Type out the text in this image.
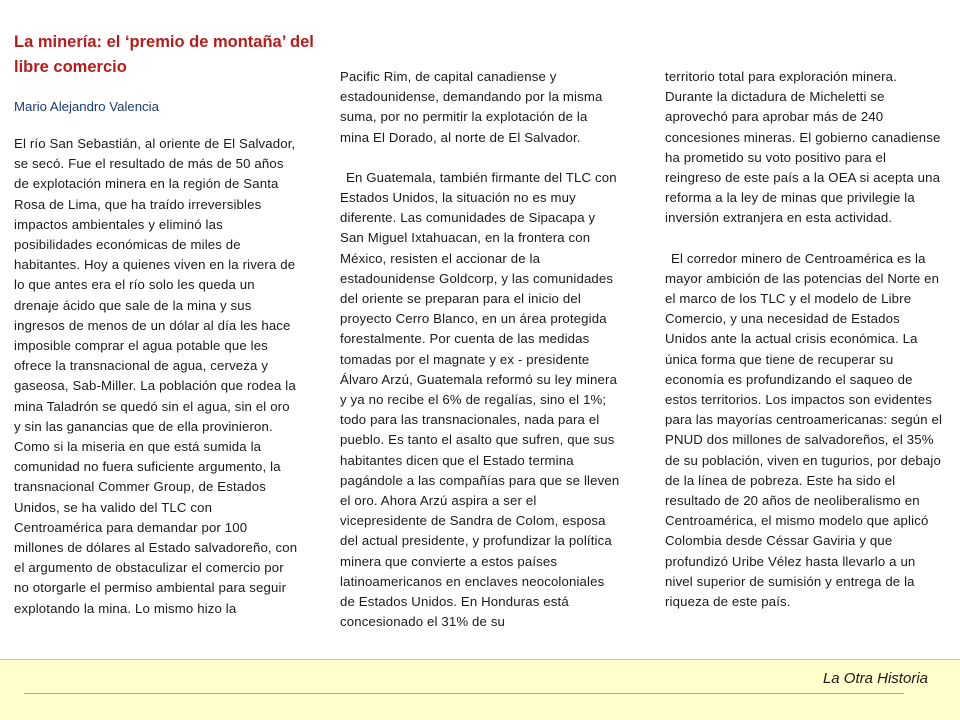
La minería: el ‘premio de montaña’ del libre comercio
Mario Alejandro Valencia

El río San Sebastián, al oriente de El Salvador, se secó. Fue el resultado de más de 50 años de explotación minera en la región de Santa Rosa de Lima, que ha traído irreversibles impactos ambientales y eliminó las posibilidades económicas de miles de habitantes. Hoy a quienes viven en la rivera de lo que antes era el río solo les queda un drenaje ácido que sale de la mina y sus ingresos de menos de un dólar al día les hace imposible comprar el agua potable que les ofrece la transnacional de agua, cerveza y gaseosa, Sab-Miller. La población que rodea la mina Taladrón se quedó sin el agua, sin el oro y sin las ganancias que de ella provinieron. Como si la miseria en que está sumida la comunidad no fuera suficiente argumento, la transnacional Commer Group, de Estados Unidos, se ha valido del TLC con Centroamérica para demandar por 100 millones de dólares al Estado salvadoreño, con el argumento de obstaculizar el comercio por no otorgarle el permiso ambiental para seguir explotando la mina. Lo mismo hizo la

Pacific Rim, de capital canadiense y estadounidense, demandando por la misma suma, por no permitir la explotación de la mina El Dorado, al norte de El Salvador.

En Guatemala, también firmante del TLC con Estados Unidos, la situación no es muy diferente. Las comunidades de Sipacapa y San Miguel Ixtahuacan, en la frontera con México, resisten el accionar de la estadounidense Goldcorp, y las comunidades del oriente se preparan para el inicio del proyecto Cerro Blanco, en un área protegida forestalmente. Por cuenta de las medidas tomadas por el magnate y ex - presidente Álvaro Arzú, Guatemala reformó su ley minera y ya no recibe el 6% de regalías, sino el 1%; todo para las transnacionales, nada para el pueblo. Es tanto el asalto que sufren, que sus habitantes dicen que el Estado termina pagándole a las compañías para que se lleven el oro. Ahora Arzú aspira a ser el vicepresidente de Sandra de Colom, esposa del actual presidente, y profundizar la política minera que convierte a estos países latinoamericanos en enclaves neocoloniales de Estados Unidos. En Honduras está concesionado el 31% de su

territorio total para exploración minera. Durante la dictadura de Micheletti se aprovechó para aprobar más de 240 concesiones mineras. El gobierno canadiense ha prometido su voto positivo para el reingreso de este país a la OEA si acepta una reforma a la ley de minas que privilegie la inversión extranjera en esta actividad.

El corredor minero de Centroamérica es la mayor ambición de las potencias del Norte en el marco de los TLC y el modelo de Libre Comercio, y una necesidad de Estados Unidos ante la actual crisis económica. La única forma que tiene de recuperar su economía es profundizando el saqueo de estos territorios. Los impactos son evidentes para las mayorías centroamericanas: según el PNUD dos millones de salvadoreños, el 35% de su población, viven en tugurios, por debajo de la línea de pobreza. Este ha sido el resultado de 20 años de neoliberalismo en Centroamérica, el mismo modelo que aplicó Colombia desde Céssar Gaviria y que profundizó Uribe Vélez hasta llevarlo a un nivel superior de sumisión y entrega de la riqueza de este país.

La Otra Historia
